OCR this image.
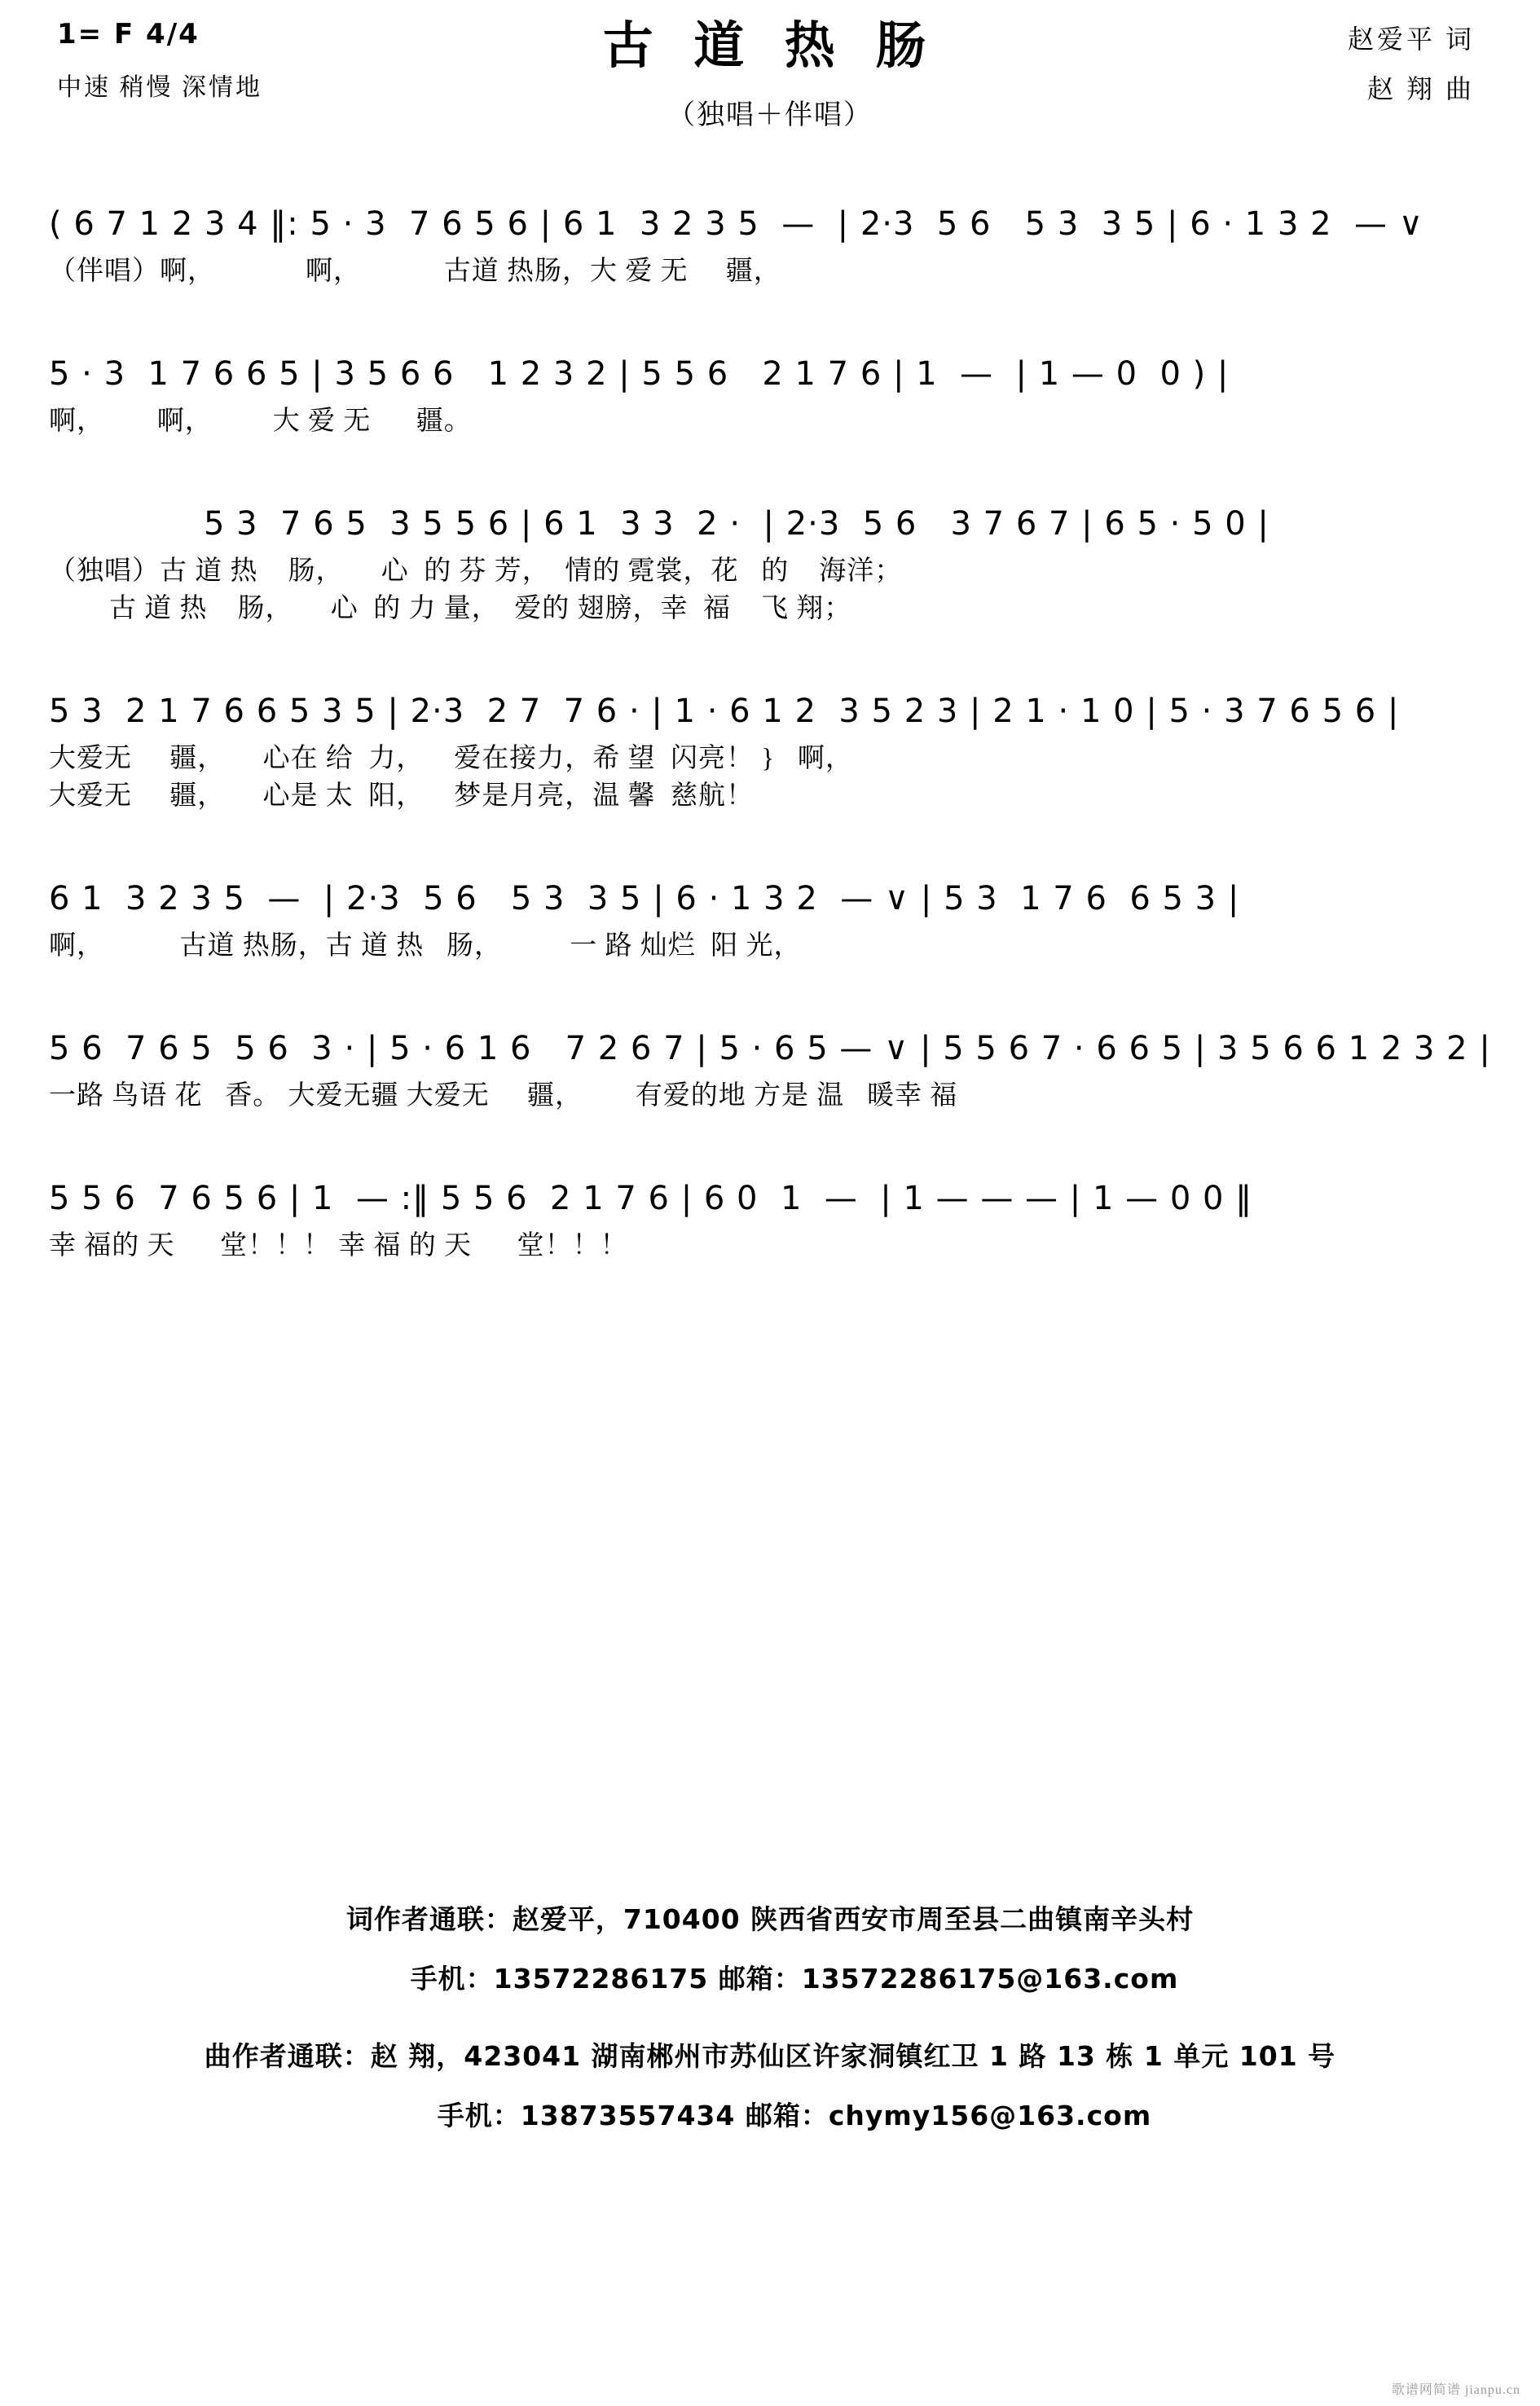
1= F 4/4
中速 稍慢 深情地
古 道 热 肠
（独唱＋伴唱）
赵爱平 词
赵 翔 曲
( 6 7 1 2 3 4 ‖: 5 · 3  7 6 5 6 | 6 1  3 2 3 5  —  | 2·3  5 6   5 3  3 5 | 6 · 1 3 2  — ∨
（伴唱）啊，            啊，           古道 热肠，大 爱 无     疆，
5 · 3  1 7 6 6 5 | 3 5 6 6   1 2 3 2 | 5 5 6   2 1 7 6 | 1  —  | 1 — 0  0 ) |
啊，       啊，        大 爱 无      疆。
5 3  7 6 5  3 5 5 6 | 6 1  3 3  2 ·  | 2·3  5 6   3 7 6 7 | 6 5 · 5 0 |
（独唱）古 道 热    肠，     心  的 芬 芳，  情的 霓裳，花   的    海洋；
古 道 热    肠，     心  的 力 量，  爱的 翅膀，幸  福    飞 翔；
5 3  2 1 7 6 6 5 3 5 | 2·3  2 7  7 6 · | 1 · 6 1 2  3 5 2 3 | 2 1 · 1 0 | 5 · 3 7 6 5 6 |
大爱无     疆，     心在 给  力，    爱在接力，希 望  闪亮！ }   啊，
大爱无     疆，     心是 太  阳，    梦是月亮，温 馨  慈航！
6 1  3 2 3 5  —  | 2·3  5 6   5 3  3 5 | 6 · 1 3 2  — ∨ | 5 3  1 7 6  6 5 3 |
啊，          古道 热肠，古 道 热   肠，         一 路 灿烂  阳 光，
5 6  7 6 5  5 6  3 · | 5 · 6 1 6   7 2 6 7 | 5 · 6 5 — ∨ | 5 5 6 7 · 6 6 5 | 3 5 6 6 1 2 3 2 |
一路 鸟语 花   香。 大爱无疆 大爱无     疆，       有爱的地 方是 温   暖幸 福
5 5 6  7 6 5 6 | 1  — :‖ 5 5 6  2 1 7 6 | 6 0  1  —  | 1 — — — | 1 — 0 0 ‖
幸 福的 天      堂！！！ 幸 福 的 天      堂！！！

词作者通联：赵爱平，710400 陕西省西安市周至县二曲镇南辛头村

手机：13572286175 邮箱：13572286175@163.com

曲作者通联：赵 翔，423041 湖南郴州市苏仙区许家洞镇红卫 1 路 13 栋 1 单元 101 号

手机：13873557434 邮箱：chymy156@163.com

歌谱网简谱 jianpu.cn
